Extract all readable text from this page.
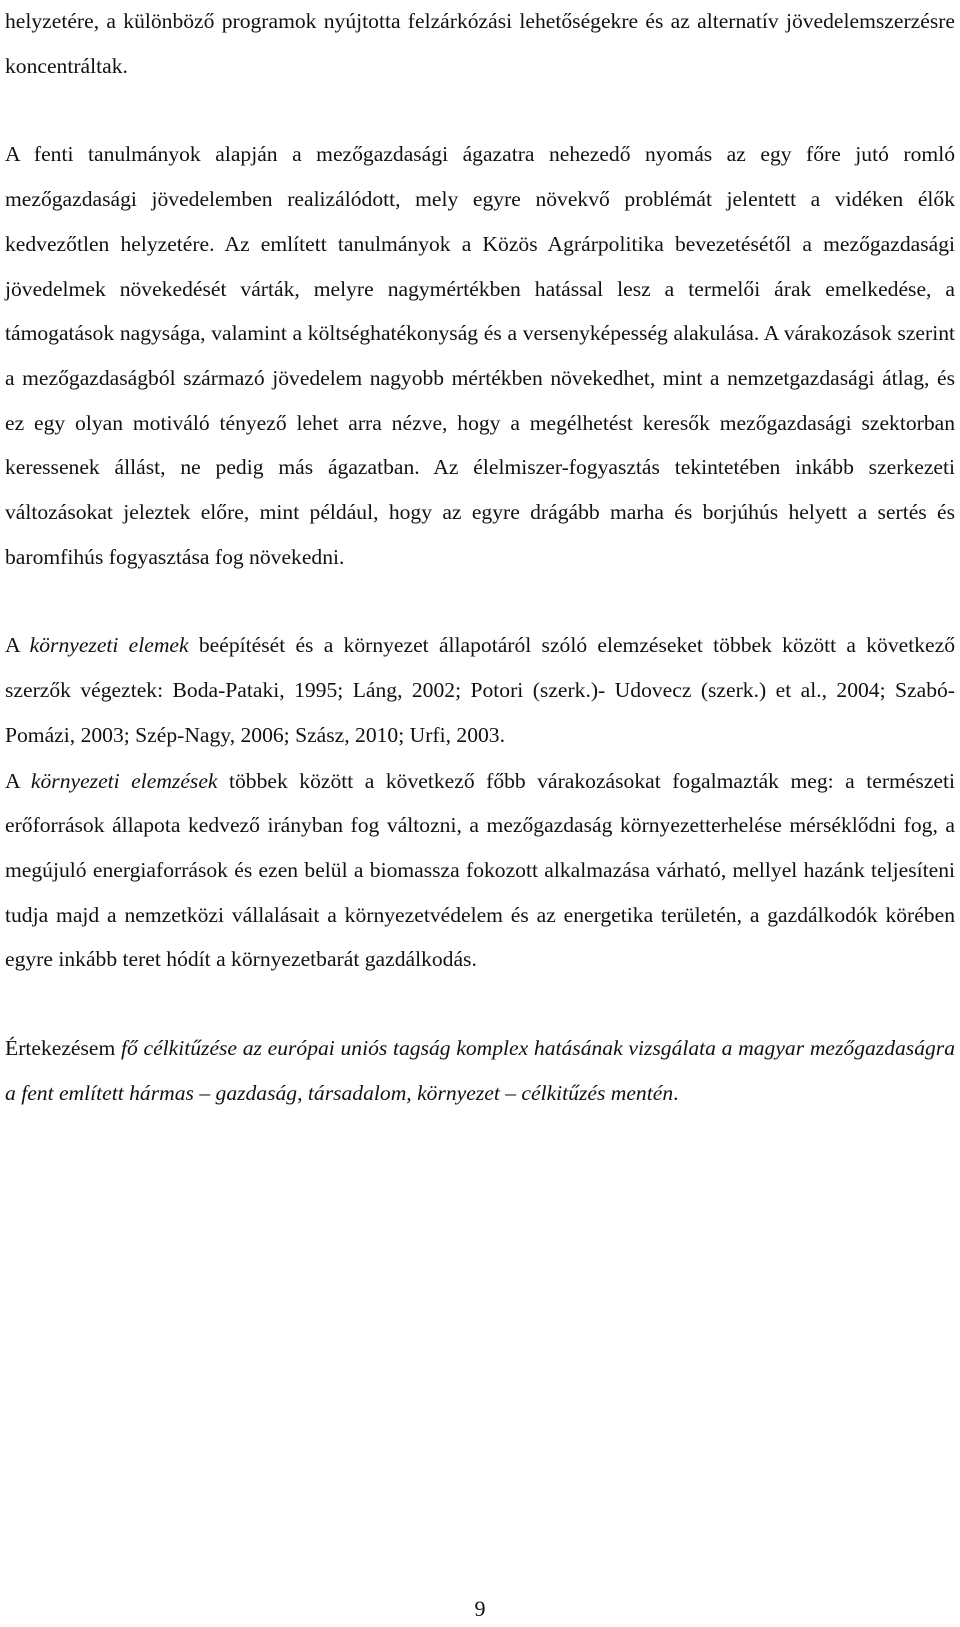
helyzetére, a különböző programok nyújtotta felzárkózási lehetőségekre és az alternatív jövedelemszerzésre koncentráltak.

A fenti tanulmányok alapján a mezőgazdasági ágazatra nehezedő nyomás az egy főre jutó romló mezőgazdasági jövedelemben realizálódott, mely egyre növekvő problémát jelentett a vidéken élők kedvezőtlen helyzetére. Az említett tanulmányok a Közös Agrárpolitika bevezetésétől a mezőgazdasági jövedelmek növekedését várták, melyre nagymértékben hatással lesz a termelői árak emelkedése, a támogatások nagysága, valamint a költséghatékonyság és a versenyképesség alakulása. A várakozások szerint a mezőgazdaságból származó jövedelem nagyobb mértékben növekedhet, mint a nemzetgazdasági átlag, és ez egy olyan motiváló tényező lehet arra nézve, hogy a megélhetést keresők mezőgazdasági szektorban keressenek állást, ne pedig más ágazatban. Az élelmiszer-fogyasztás tekintetében inkább szerkezeti változásokat jeleztek előre, mint például, hogy az egyre drágább marha és borjúhús helyett a sertés és baromfihús fogyasztása fog növekedni.

A környezeti elemek beépítését és a környezet állapotáról szóló elemzéseket többek között a következő szerzők végeztek: Boda-Pataki, 1995; Láng, 2002; Potori (szerk.)- Udovecz (szerk.) et al., 2004; Szabó-Pomázi, 2003; Szép-Nagy, 2006; Szász, 2010; Urfi, 2003.

A környezeti elemzések többek között a következő főbb várakozásokat fogalmazták meg: a természeti erőforrások állapota kedvező irányban fog változni, a mezőgazdaság környezetterhelése mérséklődni fog, a megújuló energiaforrások és ezen belül a biomassza fokozott alkalmazása várható, mellyel hazánk teljesíteni tudja majd a nemzetközi vállalásait a környezetvédelem és az energetika területén, a gazdálkodók körében egyre inkább teret hódít a környezetbarát gazdálkodás.

Értekezésem fő célkitűzése az európai uniós tagság komplex hatásának vizsgálata a magyar mezőgazdaságra a fent említett hármas – gazdaság, társadalom, környezet – célkitűzés mentén.

9
